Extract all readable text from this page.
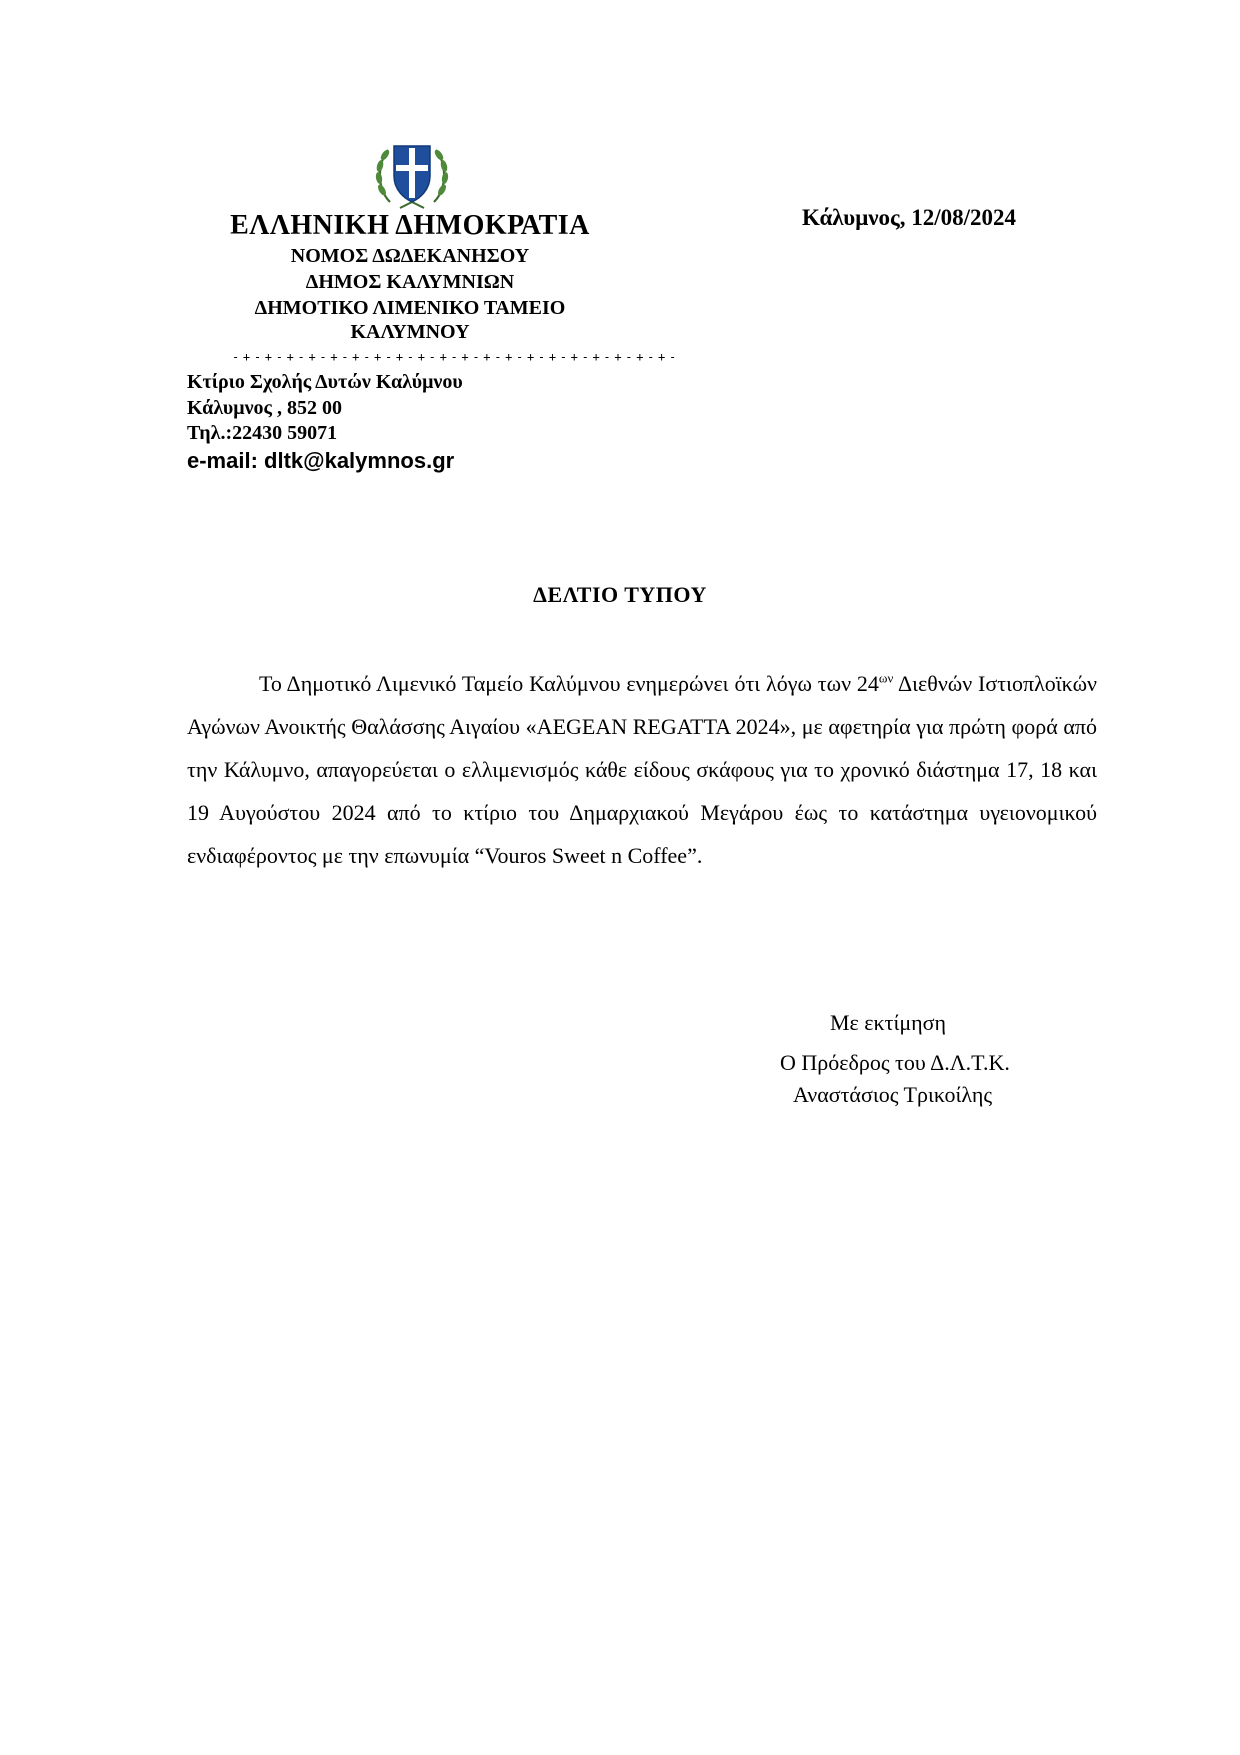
ΕΛΛΗΝΙΚΗ ΔΗΜΟΚΡΑΤΙΑ
ΝΟΜΟΣ ΔΩΔΕΚΑΝΗΣΟΥ
ΔΗΜΟΣ ΚΑΛΥΜΝΙΩΝ
ΔΗΜΟΤΙΚΟ ΛΙΜΕΝΙΚΟ ΤΑΜΕΙΟ
ΚΑΛΥΜΝΟΥ
-+-+-+-+-+-+-+-+-+-+-+-+-+-+-+-+-+-+-+-+-
Κτίριο Σχολής Δυτών Καλύμνου
Κάλυμνος , 852 00
Τηλ.:22430 59071
e-mail: dltk@kalymnos.gr
Κάλυμνος, 12/08/2024
ΔΕΛΤΙΟ ΤΥΠΟΥ
Το Δημοτικό Λιμενικό Ταμείο Καλύμνου ενημερώνει ότι λόγω των $24^{\omega\nu}$ Διεθνών Ιστιοπλοϊκών Αγώνων Ανοικτής Θαλάσσης Αιγαίου «AEGEAN REGATTA 2024», με αφετηρία για πρώτη φορά από την Κάλυμνο, απαγορεύεται ο ελλιμενισμός κάθε είδους σκάφους για το χρονικό διάστημα 17, 18 και 19 Αυγούστου 2024 από το κτίριο του Δημαρχιακού Μεγάρου έως το κατάστημα υγειονομικού ενδιαφέροντος με την επωνυμία “Vouros Sweet n Coffee”.
Με εκτίμηση
Ο Πρόεδρος του Δ.Λ.Τ.Κ.
Αναστάσιος Τρικοίλης
